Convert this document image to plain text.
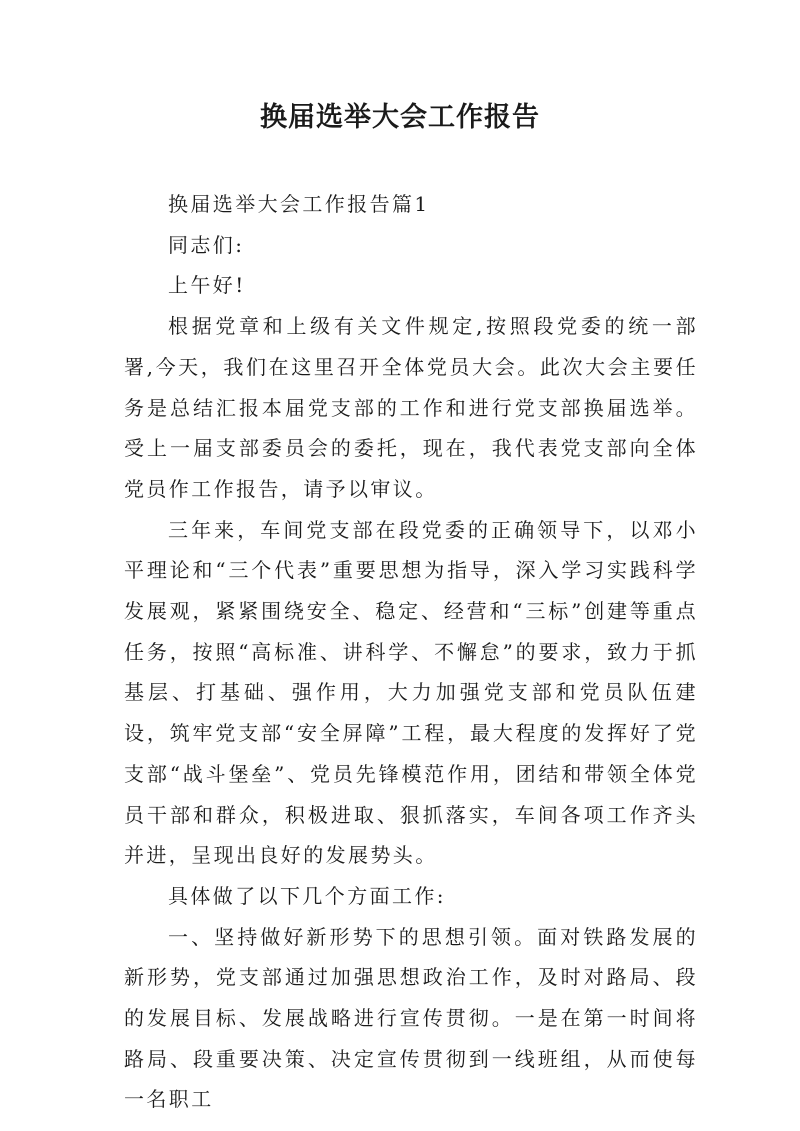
换届选举大会工作报告

换届选举大会工作报告篇1

同志们:

上午好!

根据党章和上级有关文件规定,按照段党委的统一部署,今天，我们在这里召开全体党员大会。此次大会主要任务是总结汇报本届党支部的工作和进行党支部换届选举。受上一届支部委员会的委托，现在，我代表党支部向全体党员作工作报告，请予以审议。

三年来，车间党支部在段党委的正确领导下，以邓小平理论和“三个代表”重要思想为指导，深入学习实践科学发展观，紧紧围绕安全、稳定、经营和“三标”创建等重点任务，按照“高标准、讲科学、不懈怠”的要求，致力于抓基层、打基础、强作用，大力加强党支部和党员队伍建设，筑牢党支部“安全屏障”工程，最大程度的发挥好了党支部“战斗堡垒”、党员先锋模范作用，团结和带领全体党员干部和群众，积极进取、狠抓落实，车间各项工作齐头并进，呈现出良好的发展势头。

具体做了以下几个方面工作:

一、坚持做好新形势下的思想引领。面对铁路发展的新形势，党支部通过加强思想政治工作，及时对路局、段的发展目标、发展战略进行宣传贯彻。一是在第一时间将路局、段重要决策、决定宣传贯彻到一线班组，从而使每一名职工
